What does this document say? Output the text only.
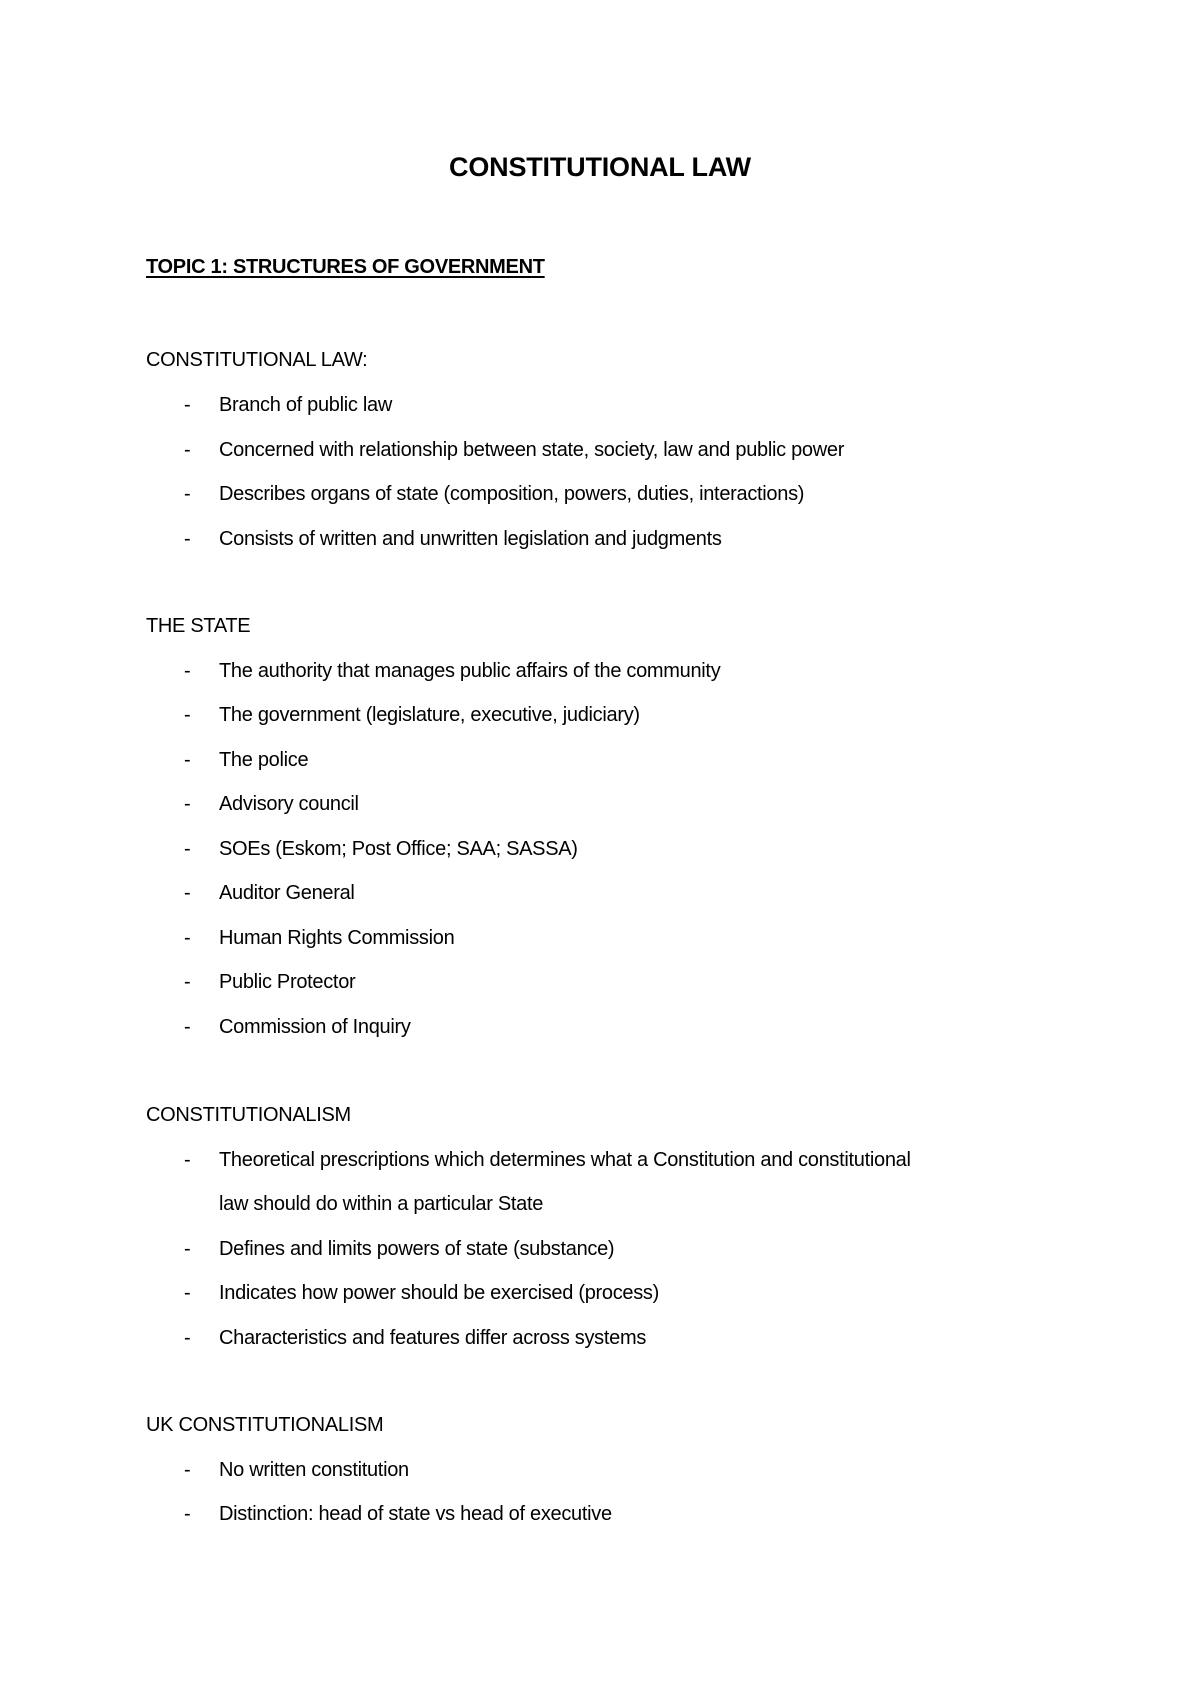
CONSTITUTIONAL LAW
TOPIC 1: STRUCTURES OF GOVERNMENT
CONSTITUTIONAL LAW:
- Branch of public law
- Concerned with relationship between state, society, law and public power
- Describes organs of state (composition, powers, duties, interactions)
- Consists of written and unwritten legislation and judgments
THE STATE
- The authority that manages public affairs of the community
- The government (legislature, executive, judiciary)
- The police
- Advisory council
- SOEs (Eskom; Post Office; SAA; SASSA)
- Auditor General
- Human Rights Commission
- Public Protector
- Commission of Inquiry
CONSTITUTIONALISM
- Theoretical prescriptions which determines what a Constitution and constitutional
law should do within a particular State
- Defines and limits powers of state (substance)
- Indicates how power should be exercised (process)
- Characteristics and features differ across systems
UK CONSTITUTIONALISM
- No written constitution
- Distinction: head of state vs head of executive
